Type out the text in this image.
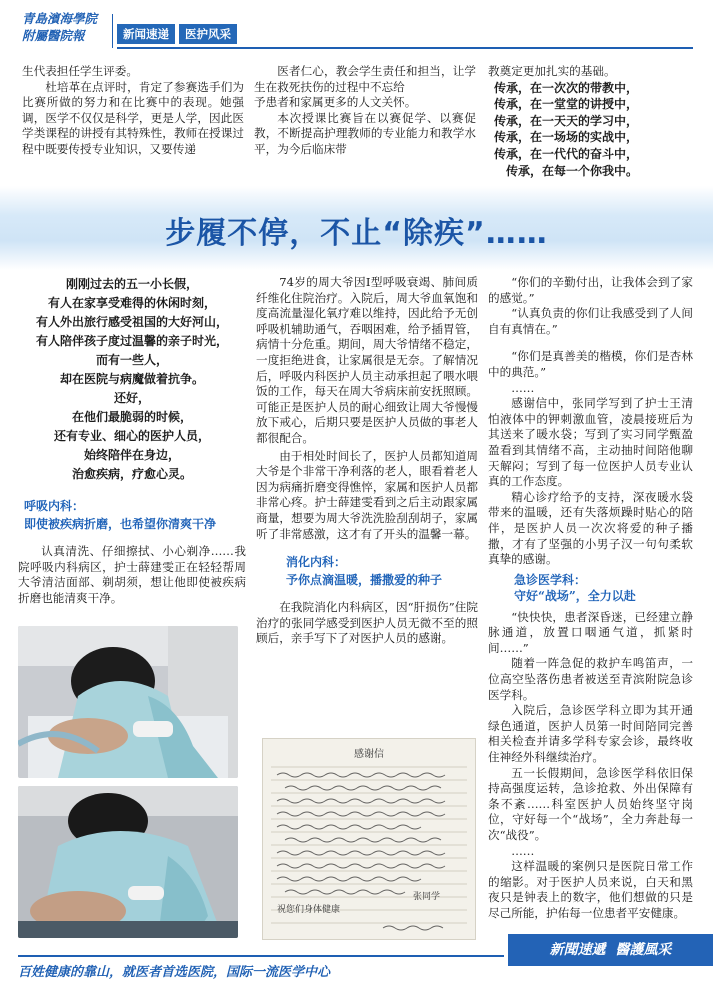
青島濱海學院
附屬醫院報	新闻速递 医护风采

生代表担任学生评委。

杜培革在点评时，肯定了参赛选手们为比赛所做的努力和在比赛中的表现。她强调，医学不仅仅是科学，更是人学，因此医学类课程的讲授有其特殊性，教师在授课过程中既要传授专业知识，又要传递

医者仁心，教会学生责任和担当，让学生在救死扶伤的过程中不忘给

予患者和家属更多的人文关怀。

本次授课比赛旨在以赛促学、以赛促教，不断提高护理教师的专业能力和教学水平，为今后临床带

教奠定更加扎实的基础。

传承，在一次次的带教中，
传承，在一堂堂的讲授中，
传承，在一天天的学习中，
传承，在一场场的实战中，
传承，在一代代的奋斗中，
传承，在每一个你我中。
步履不停，不止“除疾”……

刚刚过去的五一小长假，

有人在家享受难得的休闲时刻，

有人外出旅行感受祖国的大好河山，

有人陪伴孩子度过温馨的亲子时光，

而有一些人，

却在医院与病魔做着抗争。

还好，

在他们最脆弱的时候，

还有专业、细心的医护人员，

始终陪伴在身边，

治愈疾病，疗愈心灵。

呼吸内科：
即使被疾病折磨，也希望你清爽干净

认真清洗、仔细擦拭、小心剃净……我院呼吸内科病区，护士薛建雯正在轻轻帮周大爷清洁面部、剃胡须，想让他即使被疾病折磨也能清爽干净。

74岁的周大爷因Ⅰ型呼吸衰竭、肺间质纤维化住院治疗。入院后，周大爷血氧饱和度高流量湿化氧疗难以维持，因此给予无创呼吸机辅助通气，吞咽困难，给予插胃管，病情十分危重。期间，周大爷情绪不稳定，一度拒绝进食，让家属很是无奈。了解情况后，呼吸内科医护人员主动承担起了喂水喂饭的工作，每天在周大爷病床前安抚照顾。可能正是医护人员的耐心细致让周大爷慢慢放下戒心，后期只要是医护人员做的事老人都很配合。

由于相处时间长了，医护人员都知道周大爷是个非常干净利落的老人，眼看着老人因为病痛折磨变得憔悴，家属和医护人员都非常心疼。护士薛建雯看到之后主动跟家属商量，想要为周大爷洗洗脸刮刮胡子，家属听了非常感激，这才有了开头的温馨一幕。

消化内科：
予你点滴温暖，播撒爱的种子

在我院消化内科病区，因“肝损伤”住院治疗的张同学感受到医护人员无微不至的照顾后，亲手写下了对医护人员的感谢。

感谢信
祝您们身体健康
张同学

“你们的辛勤付出，让我体会到了家的感觉。”

“认真负责的你们让我感受到了人间自有真情在。”

“你们是真善美的楷模，你们是杏林中的典范。”

……

感谢信中，张同学写到了护士王清怕液体中的钾刺激血管，凌晨接班后为其送来了暖水袋；写到了实习同学甄盈盈看到其情绪不高，主动抽时间陪他聊天解闷；写到了每一位医护人员专业认真的工作态度。

精心诊疗给予的支持，深夜暖水袋带来的温暖，还有失落烦躁时贴心的陪伴，是医护人员一次次将爱的种子播撒，才有了坚强的小男子汉一句句柔软真挚的感谢。

急诊医学科：
守好“战场”，全力以赴

“快快快，患者深昏迷，已经建立静脉通道，放置口咽通气道，抓紧时间……”

随着一阵急促的救护车鸣笛声，一位高空坠落伤患者被送至青滨附院急诊医学科。

入院后，急诊医学科立即为其开通绿色通道，医护人员第一时间陪同完善相关检查并请多学科专家会诊，最终收住神经外科继续治疗。

五一长假期间，急诊医学科依旧保持高强度运转，急诊抢救、外出保障有条不紊……科室医护人员始终坚守岗位，守好每一个“战场”，全力奔赴每一次“战役”。

……

这样温暖的案例只是医院日常工作的缩影。对于医护人员来说，白天和黑夜只是钟表上的数字，他们想做的只是尽己所能，护佑每一位患者平安健康。

百姓健康的靠山，就医者首选医院，国际一流医学中心
新聞速遞  醫護風采
